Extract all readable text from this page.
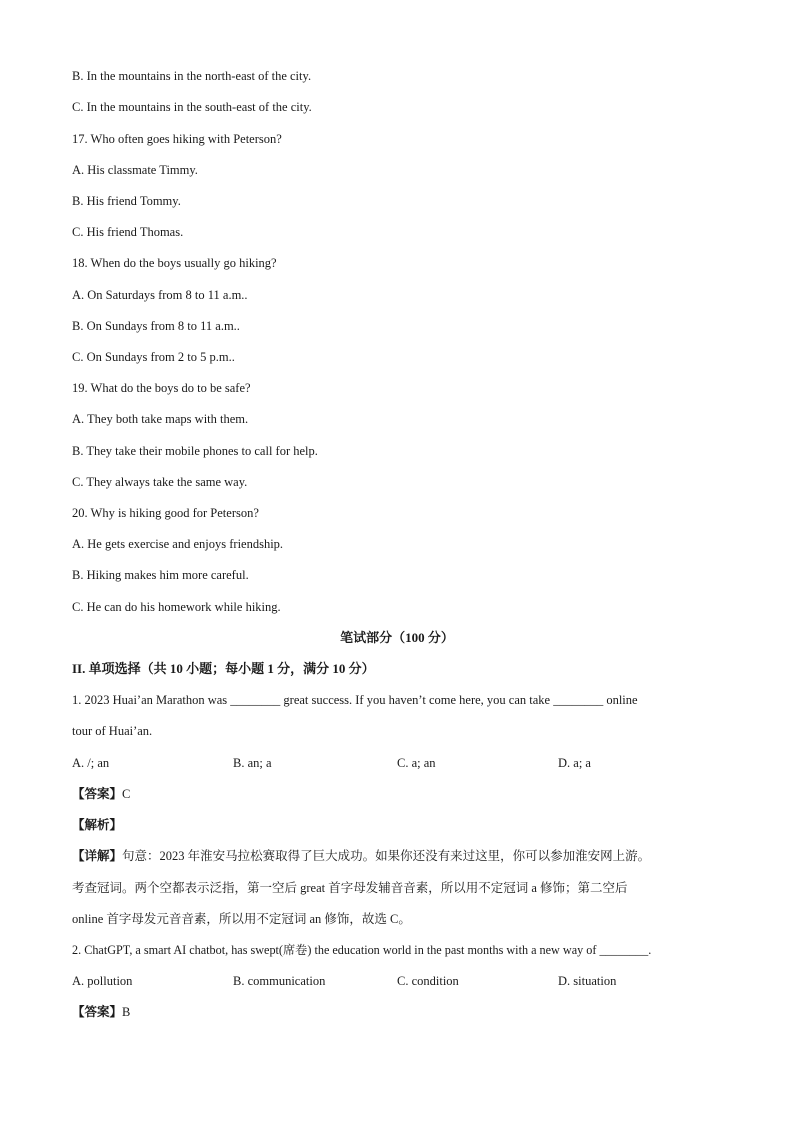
B. In the mountains in the north-east of the city.
C. In the mountains in the south-east of the city.
17. Who often goes hiking with Peterson?
A. His classmate Timmy.
B. His friend Tommy.
C. His friend Thomas.
18. When do the boys usually go hiking?
A. On Saturdays from 8 to 11 a.m..
B. On Sundays from 8 to 11 a.m..
C. On Sundays from 2 to 5 p.m..
19. What do the boys do to be safe?
A. They both take maps with them.
B. They take their mobile phones to call for help.
C. They always take the same way.
20. Why is hiking good for Peterson?
A. He gets exercise and enjoys friendship.
B. Hiking makes him more careful.
C. He can do his homework while hiking.
笔试部分（100 分）
II. 单项选择（共 10 小题；每小题 1 分，满分 10 分）
1. 2023 Huai’an Marathon was ________ great success. If you haven’t come here, you can take ________ online
tour of Huai’an.
A. /; an	B. an; a	C. a; an	D. a; a
【答案】C
【解析】
【详解】句意：2023 年淮安马拉松赛取得了巨大成功。如果你还没有来过这里，你可以参加淮安网上游。
考查冠词。两个空都表示泛指，第一空后 great 首字母发辅音音素，所以用不定冠词 a 修饰；第二空后
online 首字母发元音音素，所以用不定冠词 an 修饰，故选 C。
2. ChatGPT, a smart AI chatbot, has swept(席卷) the education world in the past months with a new way of ________.
A. pollution	B. communication	C. condition	D. situation
【答案】B
